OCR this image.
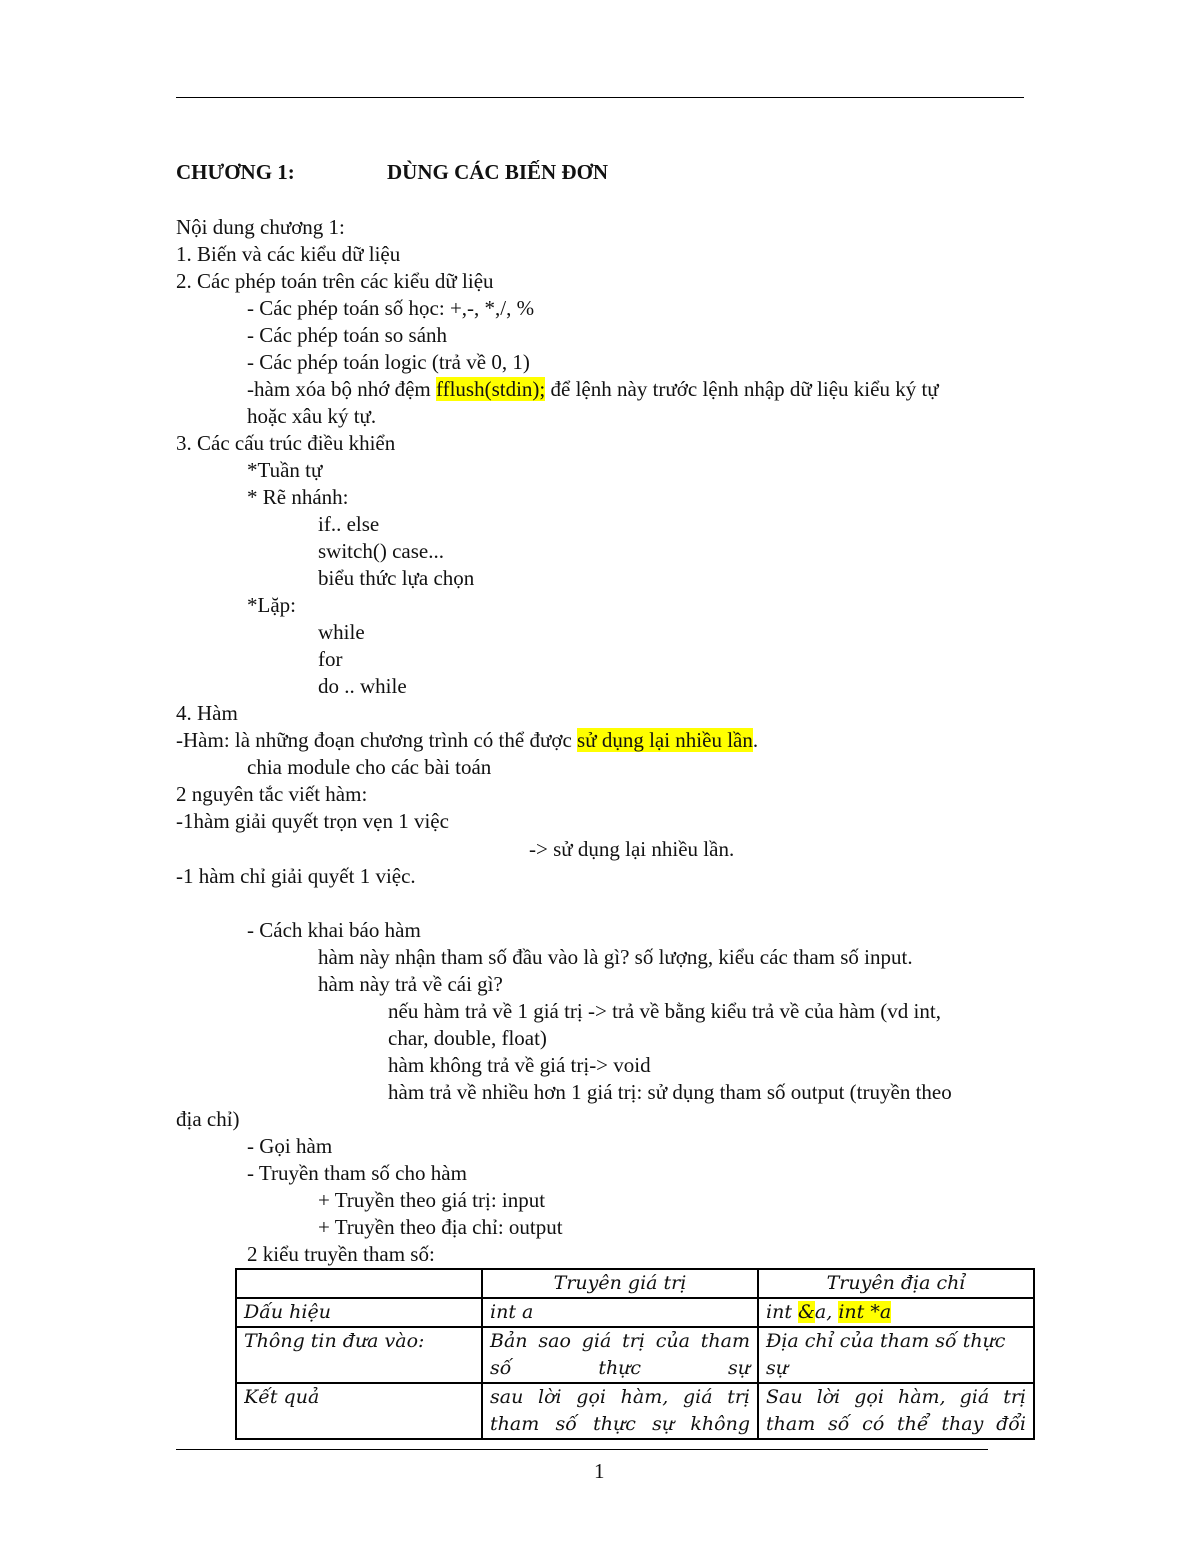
CHƯƠNG 1:	DÙNG CÁC BIẾN ĐƠN
Nội dung chương 1:
1. Biến và các kiểu dữ liệu
2. Các phép toán trên các kiểu dữ liệu
- Các phép toán số học: +,-, *,/, %
- Các phép toán so sánh
- Các phép toán logic (trả về 0, 1)
-hàm xóa bộ nhớ đệm fflush(stdin); để lệnh này trước lệnh nhập dữ liệu kiểu ký tự
hoặc xâu ký tự.
3. Các cấu trúc điều khiển
*Tuần tự
* Rẽ nhánh:
if.. else
switch() case...
biểu thức lựa chọn
*Lặp:
while
for
do .. while
4. Hàm
-Hàm: là những đoạn chương trình có thể được sử dụng lại nhiều lần.
chia module cho các bài toán
2 nguyên tắc viết hàm:
-1hàm giải quyết trọn vẹn 1 việc
-> sử dụng lại nhiều lần.
-1 hàm chỉ giải quyết 1 việc.
- Cách khai báo hàm
hàm này nhận tham số đầu vào là gì? số lượng, kiểu các tham số input.
hàm này trả về cái gì?
nếu hàm trả về 1 giá trị -> trả về bằng kiểu trả về của hàm (vd int,
char, double, float)
hàm không trả về giá trị-> void
hàm trả về nhiều hơn 1 giá trị: sử dụng tham số output (truyền theo
địa chỉ)
- Gọi hàm
- Truyền tham số cho hàm
+ Truyền theo giá trị: input
+ Truyền theo địa chỉ: output
2 kiểu truyền tham số:
	Truyên giá trị	Truyên địa chỉ
Dấu hiệu	int a	int &a, int *a
Thông tin đưa vào:	Bản sao giá trị của tham số thực sự	Địa chỉ của tham số thực sự

Kết quả	sau lời gọi hàm, giá trị tham số thực sự không	Sau lời gọi hàm, giá trị tham số có thể thay đổi
1
